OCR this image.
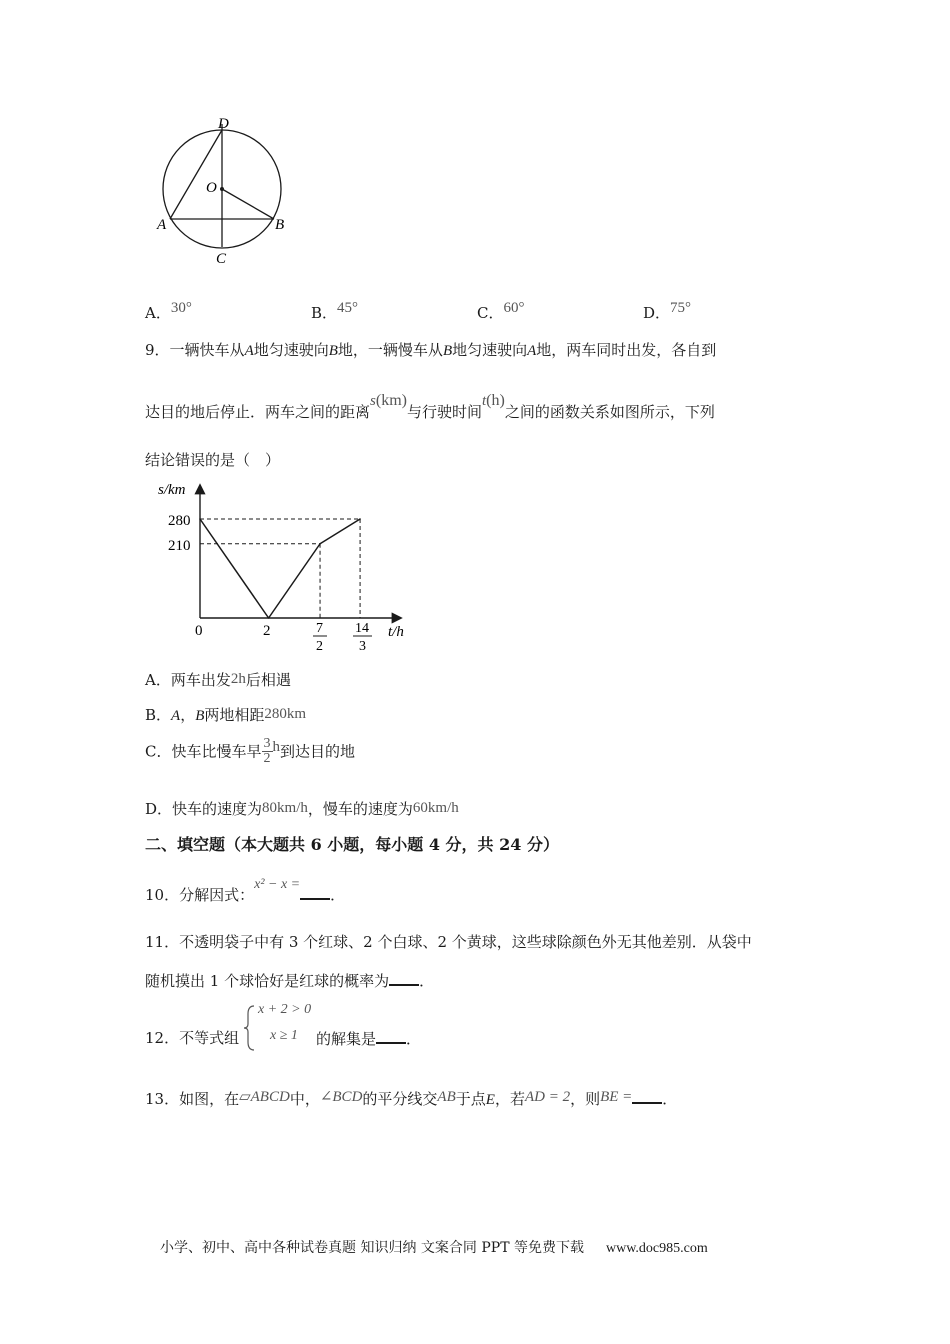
D
O
A	B
C
A．30°	B．45°	C．60°	D．75°
9．一辆快车从A地匀速驶向B地，一辆慢车从B地匀速驶向A地，两车同时出发，各自到
达目的地后停止．两车之间的距离s(km)与行驶时间t(h)之间的函数关系如图所示，下列
结论错误的是（　）
s/km
280
210
0	2	7
2
14
3
t/h
A．两车出发2h后相遇
B．A，B两地相距280km
C．快车比慢车早 $\frac{3}{2}$ h到达目的地
D．快车的速度为80km/h，慢车的速度为60km/h
二、填空题（本大题共 6 小题，每小题 4 分，共 24 分）
10．分解因式：x² − x =．
11．不透明袋子中有 3 个红球、2 个白球、2 个黄球，这些球除颜色外无其他差别．从袋中
随机摸出 1 个球恰好是红球的概率为 ．
12．不等式组
x + 2 > 0
x ≥ 1 的解集是 ．
13．如图，在▱ABCD中，∠BCD的平分线交AB于点E，若AD = 2，则BE = ．
小学、初中、高中各种试卷真题 知识归纳 文案合同 PPT 等免费下载 www.doc985.com
